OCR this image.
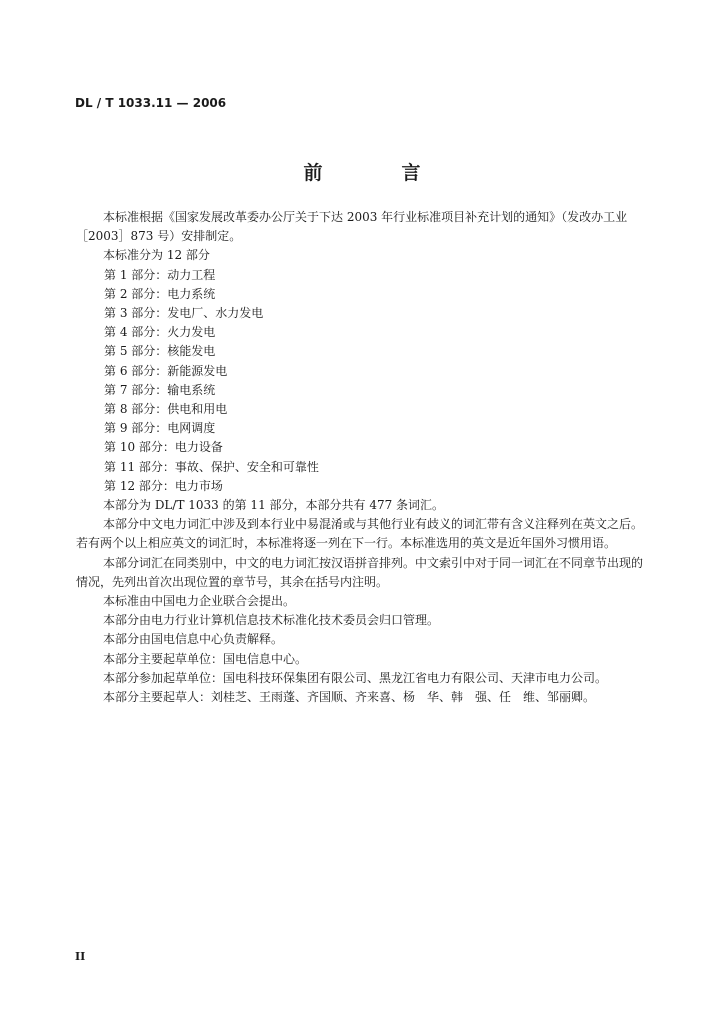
DL / T 1033.11 — 2006
前　言

本标准根据《国家发展改革委办公厅关于下达 2003 年行业标准项目补充计划的通知》（发改办工业［2003］873 号）安排制定。

本标准分为 12 部分

第 1 部分：动力工程

第 2 部分：电力系统

第 3 部分：发电厂、水力发电

第 4 部分：火力发电

第 5 部分：核能发电

第 6 部分：新能源发电

第 7 部分：输电系统

第 8 部分：供电和用电

第 9 部分：电网调度

第 10 部分：电力设备

第 11 部分：事故、保护、安全和可靠性

第 12 部分：电力市场

本部分为 DL/T 1033 的第 11 部分，本部分共有 477 条词汇。

本部分中文电力词汇中涉及到本行业中易混淆或与其他行业有歧义的词汇带有含义注释列在英文之后。若有两个以上相应英文的词汇时，本标准将逐一列在下一行。本标准选用的英文是近年国外习惯用语。

本部分词汇在同类别中，中文的电力词汇按汉语拼音排列。中文索引中对于同一词汇在不同章节出现的情况，先列出首次出现位置的章节号，其余在括号内注明。

本标准由中国电力企业联合会提出。

本部分由电力行业计算机信息技术标准化技术委员会归口管理。

本部分由国电信息中心负责解释。

本部分主要起草单位：国电信息中心。

本部分参加起草单位：国电科技环保集团有限公司、黑龙江省电力有限公司、天津市电力公司。

本部分主要起草人：刘桂芝、王雨蓬、齐国顺、齐来喜、杨　华、韩　强、任　维、邹丽卿。

II
